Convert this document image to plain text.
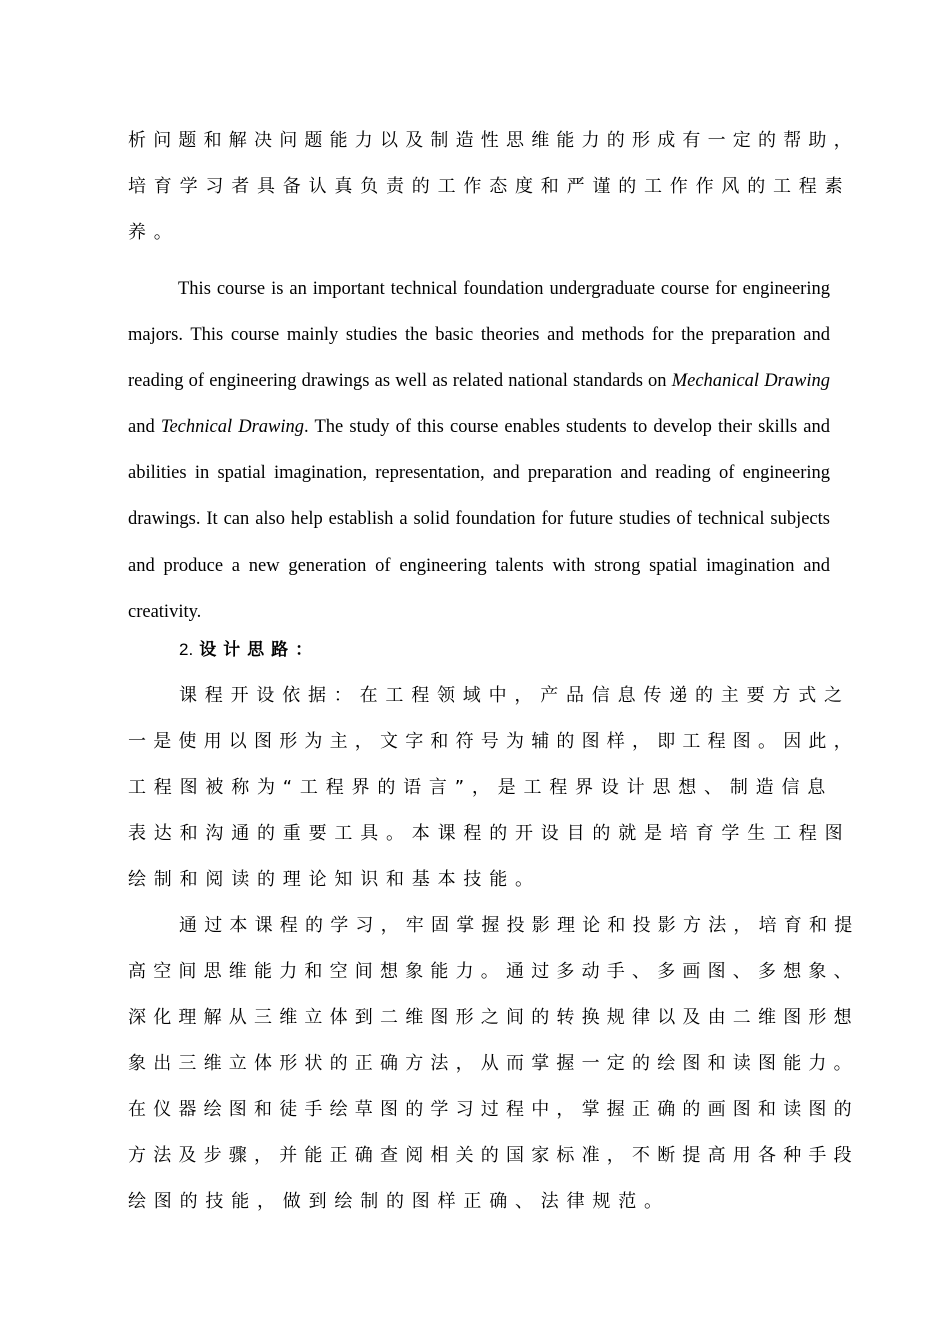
析问题和解决问题能力以及制造性思维能力的形成有一定的帮助，
培育学习者具备认真负责的工作态度和严谨的工作作风的工程素
养。

This course is an important technical foundation undergraduate course for engineering majors. This course mainly studies the basic theories and methods for the preparation and reading of engineering drawings as well as related national standards on Mechanical Drawing and Technical Drawing. The study of this course enables students to develop their skills and abilities in spatial imagination, representation, and preparation and reading of engineering drawings. It can also help establish a solid foundation for future studies of technical subjects and produce a new generation of engineering talents with strong spatial imagination and creativity.

2. 设计思路：
课程开设依据：在工程领域中，产品信息传递的主要方式之
一是使用以图形为主，文字和符号为辅的图样，即工程图。因此，
工程图被称为“工程界的语言”，是工程界设计思想、制造信息
表达和沟通的重要工具。本课程的开设目的就是培育学生工程图
绘制和阅读的理论知识和基本技能。
通过本课程的学习，牢固掌握投影理论和投影方法，培育和提
高空间思维能力和空间想象能力。通过多动手、多画图、多想象、
深化理解从三维立体到二维图形之间的转换规律以及由二维图形想
象出三维立体形状的正确方法，从而掌握一定的绘图和读图能力。
在仪器绘图和徒手绘草图的学习过程中，掌握正确的画图和读图的
方法及步骤，并能正确查阅相关的国家标准，不断提高用各种手段
绘图的技能，做到绘制的图样正确、法律规范。
